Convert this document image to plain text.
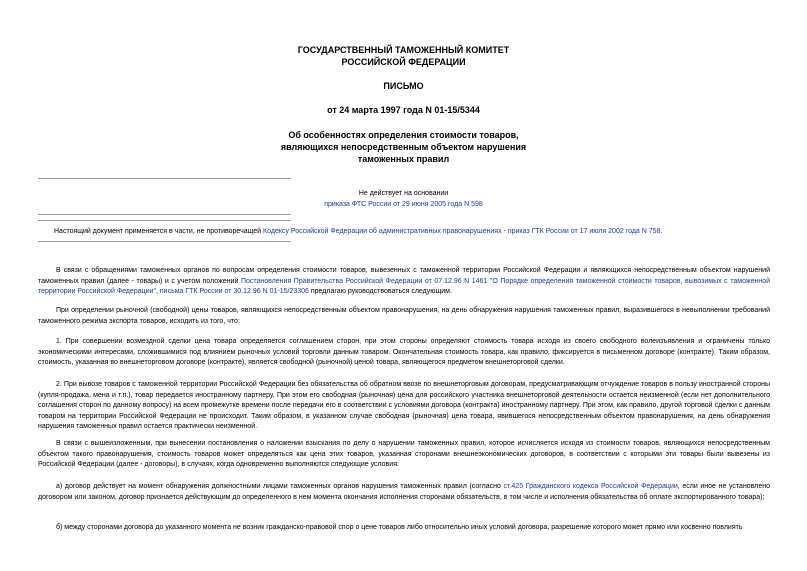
ГОСУДАРСТВЕННЫЙ ТАМОЖЕННЫЙ КОМИТЕТ
РОССИЙСКОЙ ФЕДЕРАЦИИ
ПИСЬМО
от 24 марта 1997 года N 01-15/5344
Об особенностях определения стоимости товаров,
являющихся непосредственным объектом нарушения
таможенных правил
Не действует на основании
приказа ФТС России от 29 июня 2005 года N 598
Настоящий документ применяется в части, не противоречащей Кодексу Российской Федерации об административных правонарушениях - приказ ГТК России от 17 июля 2002 года N 758.

В связи с обращениями таможенных органов по вопросам определения стоимости товаров, вывезенных с таможенной территории Российской Федерации и являющихся непосредственным объектом нарушений таможенных правил (далее - товары) и с учетом положений Постановления Правительства Российской Федерации от 07.12.96 N 1461 "О Порядке определения таможенной стоимости товаров, вывозимых с таможенной территории Российской Федерации", письма ГТК России от 30.12.96 N 01-15/23306 предлагаю руководствоваться следующим.

При определении рыночной (свободной) цены товаров, являющихся непосредственным объектом правонарушения, на день обнаружения нарушения таможенных правил, выразившегося в невыполнении требований таможенного режима экспорта товаров, исходить из того, что:

1. При совершении возмездной сделки цена товара определяется соглашением сторон, при этом стороны определяют стоимость товара исходя из своего свободного волеизъявления и ограничены только экономическими интересами, сложившимися под влиянием рыночных условий торговли данным товаром. Окончательная стоимость товара, как правило, фиксируется в письменном договоре (контракте). Таким образом, стоимость, указанная во внешнеторговом договоре (контракте), является свободной (рыночной) ценой товара, являющегося предметом внешнеторговой сделки.

2. При вывозе товаров с таможенной территории Российской Федерации без обязательства об обратном ввозе по внешнеторговым договорам, предусматривающим отчуждение товаров в пользу иностранной стороны (купля-продажа, мена и т.п.), товар передается иностранному партнеру. При этом его свободная (рыночная) цена для российского участника внешнеторговой деятельности остается неизменной (если нет дополнительного соглашения сторон по данному вопросу) на всем промежутке времени после передачи его в соответствии с условиями договора (контракта) иностранному партнеру. При этом, как правило, другой торговой сделки с данным товаром на территории Российской Федерации не происходит. Таким образом, в указанном случае свободная (рыночная) цена товара, явившегося непосредственным объектом правонарушения, на день обнаружения нарушения таможенных правил остается практически неизменной.

В связи с вышеизложенным, при вынесении постановления о наложении взыскания по делу о нарушении таможенных правил, которое исчисляется исходя из стоимости товаров, являющихся непосредственным объектом такого правонарушения, стоимость товаров может определяться как цена этих товаров, указанная сторонами внешнеэкономических договоров, в соответствии с которыми эти товары были вывезены из Российской Федерации (далее - договоры), в случаях, когда одновременно выполняются следующие условия:

а) договор действует на момент обнаружения должностными лицами таможенных органов нарушения таможенных правил (согласно ст.425 Гражданского кодекса Российской Федерации, если иное не установлено договором или законом, договор признается действующим до определенного в нем момента окончания исполнения сторонами обязательств, в том числе и исполнения обязательства об оплате экспортированного товара);

б) между сторонами договора до указанного момента не возник гражданско-правовой спор о цене товаров либо относительно иных условий договора, разрешение которого может прямо или косвенно повлиять
